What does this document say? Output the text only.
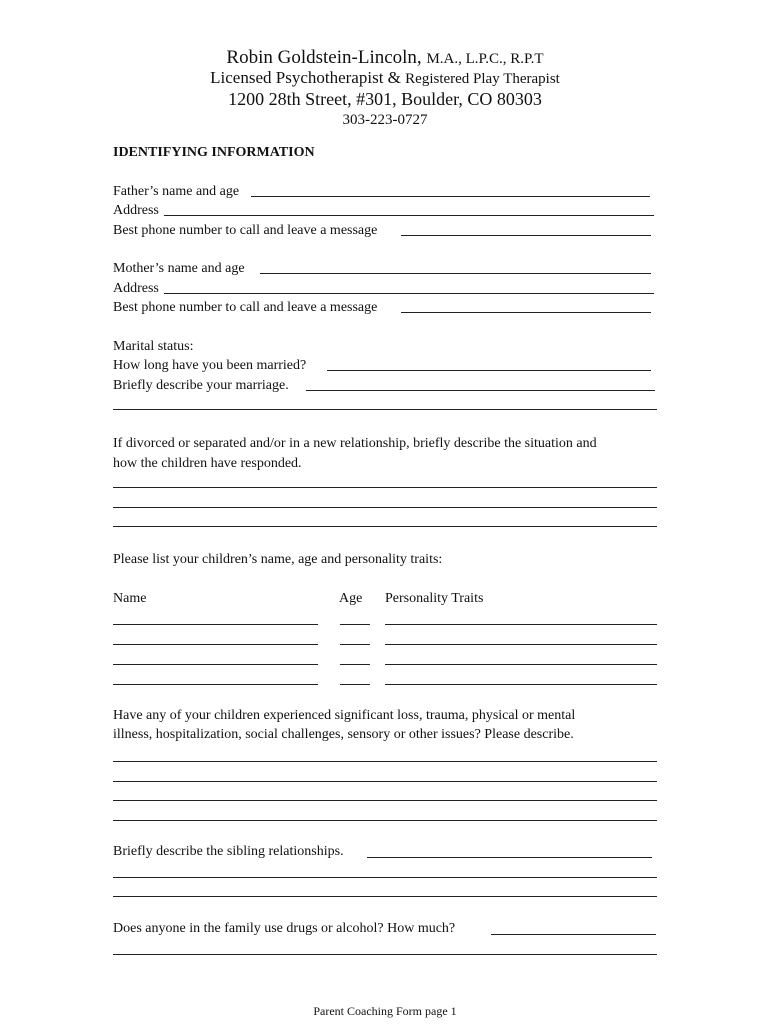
Robin Goldstein-Lincoln, M.A., L.P.C., R.P.T
Licensed Psychotherapist & Registered Play Therapist
1200 28th Street, #301, Boulder, CO 80303
303-223-0727
IDENTIFYING INFORMATION
Father’s name and age
Address
Best phone number to call and leave a message
Mother’s name and age
Address
Best phone number to call and leave a message
Marital status:
How long have you been married?
Briefly describe your marriage.
If divorced or separated and/or in a new relationship, briefly describe the situation and
how the children have responded.
Please list your children’s name, age and personality traits:
Name	Age Personality Traits
Have any of your children experienced significant loss, trauma, physical or mental
illness, hospitalization, social challenges, sensory or other issues? Please describe.
Briefly describe the sibling relationships.
Does anyone in the family use drugs or alcohol? How much?
Parent Coaching Form page 1
